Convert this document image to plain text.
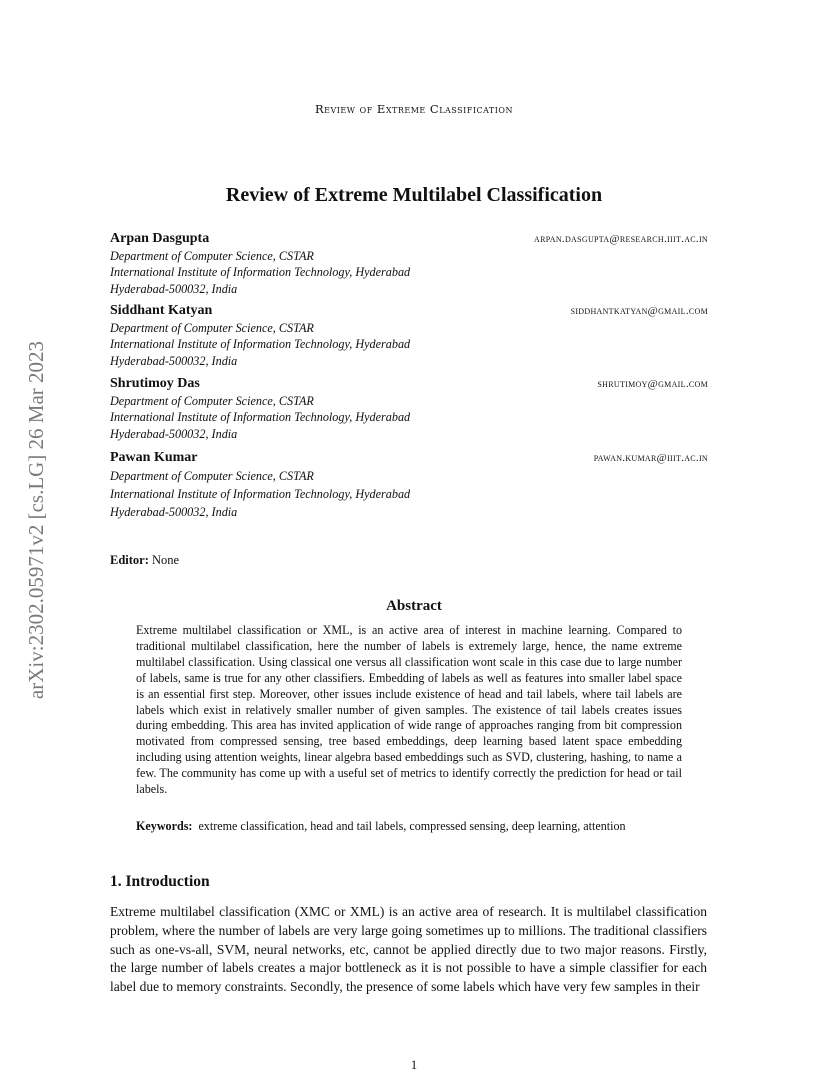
Review of Extreme Classification
arXiv:2302.05971v2 [cs.LG] 26 Mar 2023
Review of Extreme Multilabel Classification
Arpan Dasgupta	arpan.dasgupta@research.iiit.ac.in
Department of Computer Science, CSTAR
International Institute of Information Technology, Hyderabad
Hyderabad-500032, India
Siddhant Katyan	siddhantkatyan@gmail.com
Department of Computer Science, CSTAR
International Institute of Information Technology, Hyderabad
Hyderabad-500032, India
Shrutimoy Das	shrutimoy@gmail.com
Department of Computer Science, CSTAR
International Institute of Information Technology, Hyderabad
Hyderabad-500032, India
Pawan Kumar	pawan.kumar@iiit.ac.in
Department of Computer Science, CSTAR
International Institute of Information Technology, Hyderabad
Hyderabad-500032, India
Editor: None
Abstract
Extreme multilabel classification or XML, is an active area of interest in machine learning. Compared to traditional multilabel classification, here the number of labels is extremely large, hence, the name extreme multilabel classification. Using classical one versus all classification wont scale in this case due to large number of labels, same is true for any other classifiers. Embedding of labels as well as features into smaller label space is an essential first step. Moreover, other issues include existence of head and tail labels, where tail labels are labels which exist in relatively smaller number of given samples. The existence of tail labels creates issues during embedding. This area has invited application of wide range of approaches ranging from bit compression motivated from compressed sensing, tree based embeddings, deep learning based latent space embedding including using attention weights, linear algebra based embeddings such as SVD, clustering, hashing, to name a few. The community has come up with a useful set of metrics to identify correctly the prediction for head or tail labels.
Keywords: extreme classification, head and tail labels, compressed sensing, deep learning, attention
1. Introduction
Extreme multilabel classification (XMC or XML) is an active area of research. It is multilabel classification problem, where the number of labels are very large going sometimes up to millions. The traditional classifiers such as one-vs-all, SVM, neural networks, etc, cannot be applied directly due to two major reasons. Firstly, the large number of labels creates a major bottleneck as it is not possible to have a simple classifier for each label due to memory constraints. Secondly, the presence of some labels which have very few samples in their
1
